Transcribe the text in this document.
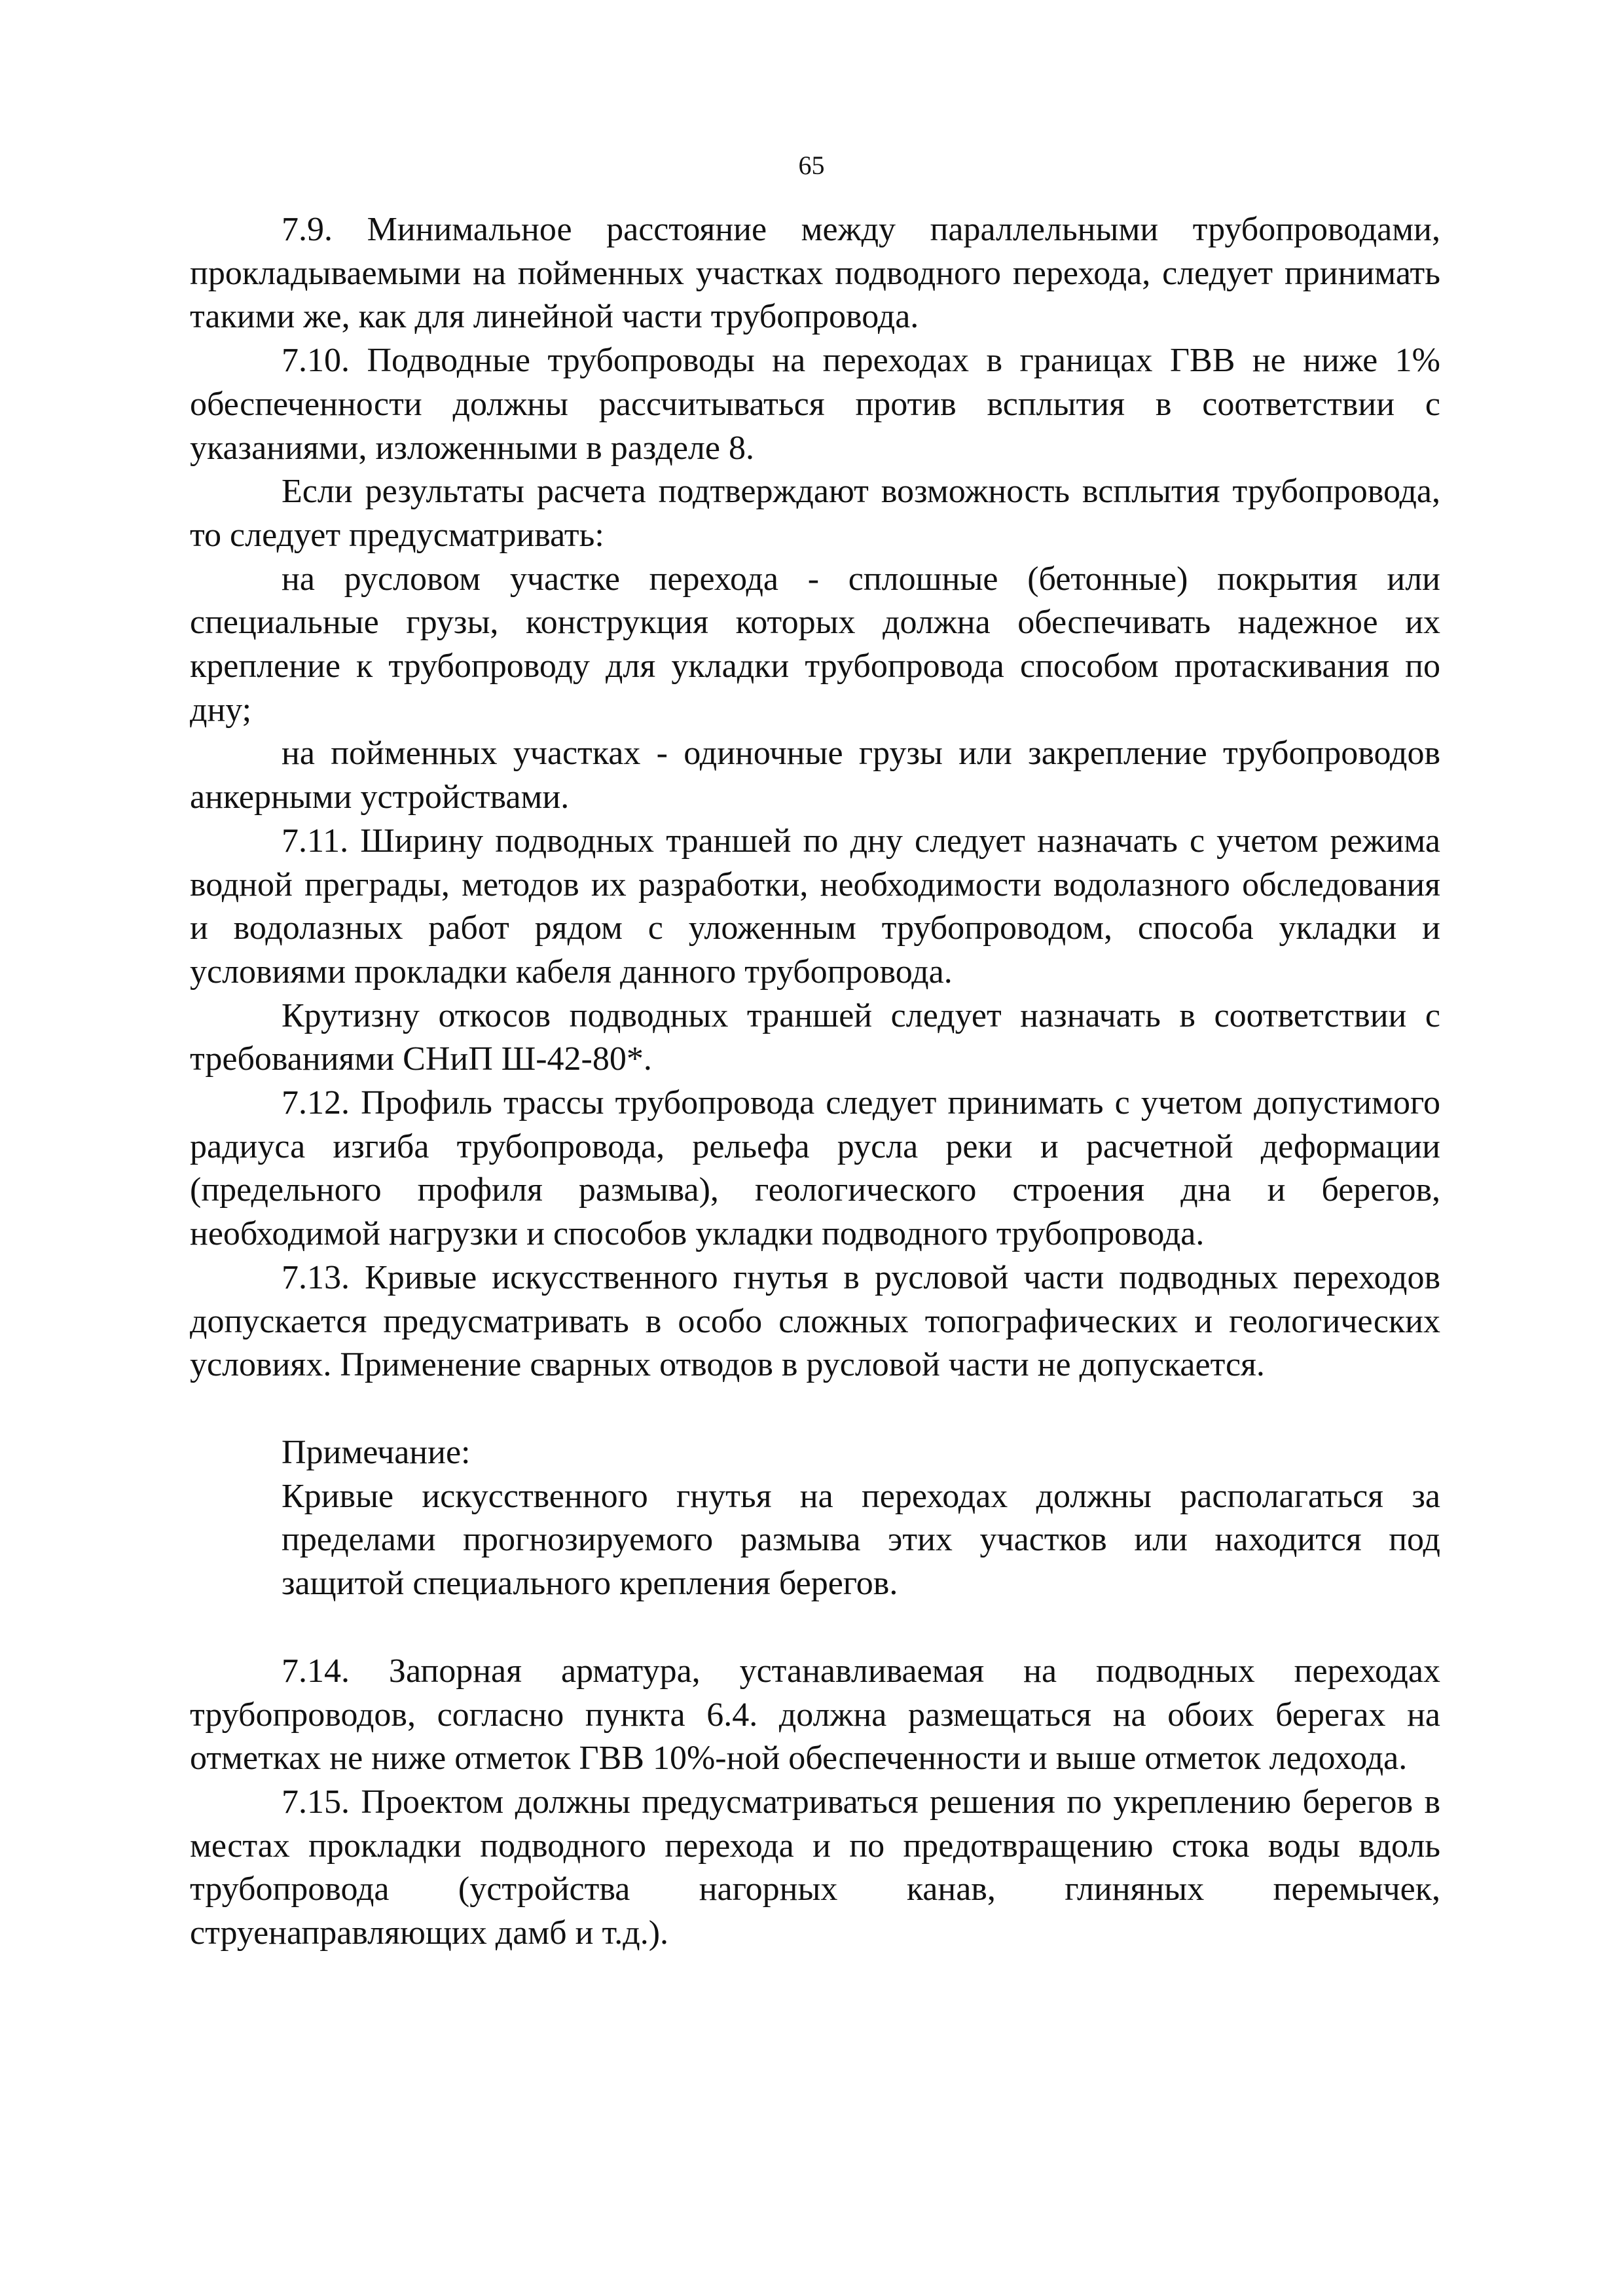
65

7.9. Минимальное расстояние между параллельными трубопроводами, прокладываемыми на пойменных участках подводного перехода, следует принимать такими же, как для линейной части трубопровода.

7.10. Подводные трубопроводы на переходах в границах ГВВ не ниже 1% обеспеченности должны рассчитываться против всплытия в соответствии с указаниями, изложенными в разделе 8.

Если результаты расчета подтверждают возможность всплытия трубопровода, то следует предусматривать:

на русловом участке перехода - сплошные (бетонные) покрытия или специальные грузы, конструкция которых должна обеспечивать надежное их крепление к трубопроводу для укладки трубопровода способом протаскивания по дну;

на пойменных участках - одиночные грузы или закрепление трубопроводов анкерными устройствами.

7.11. Ширину подводных траншей по дну следует назначать с учетом режима водной преграды, методов их разработки, необходимости водолазного обследования и водолазных работ рядом с уложенным трубопроводом, способа укладки и условиями прокладки кабеля данного трубопровода.

Крутизну откосов подводных траншей следует назначать в соответствии с требованиями СНиП Ш-42-80*.

7.12. Профиль трассы трубопровода следует принимать с учетом допустимого радиуса изгиба трубопровода, рельефа русла реки и расчетной деформации (предельного профиля размыва), геологического строения дна и берегов, необходимой нагрузки и способов укладки подводного трубопровода.

7.13. Кривые искусственного гнутья в русловой части подводных переходов допускается предусматривать в особо сложных топографических и геологических условиях. Применение сварных отводов в русловой части не допускается.

Примечание:

Кривые искусственного гнутья на переходах должны располагаться за пределами прогнозируемого размыва этих участков или находится под защитой специального крепления берегов.

7.14. Запорная арматура, устанавливаемая на подводных переходах трубопроводов, согласно пункта 6.4. должна размещаться на обоих берегах на отметках не ниже отметок ГВВ 10%-ной обеспеченности и выше отметок ледохода.

7.15. Проектом должны предусматриваться решения по укреплению берегов в местах прокладки подводного перехода и по предотвращению стока воды вдоль трубопровода (устройства нагорных канав, глиняных перемычек, струенаправляющих дамб и т.д.).
